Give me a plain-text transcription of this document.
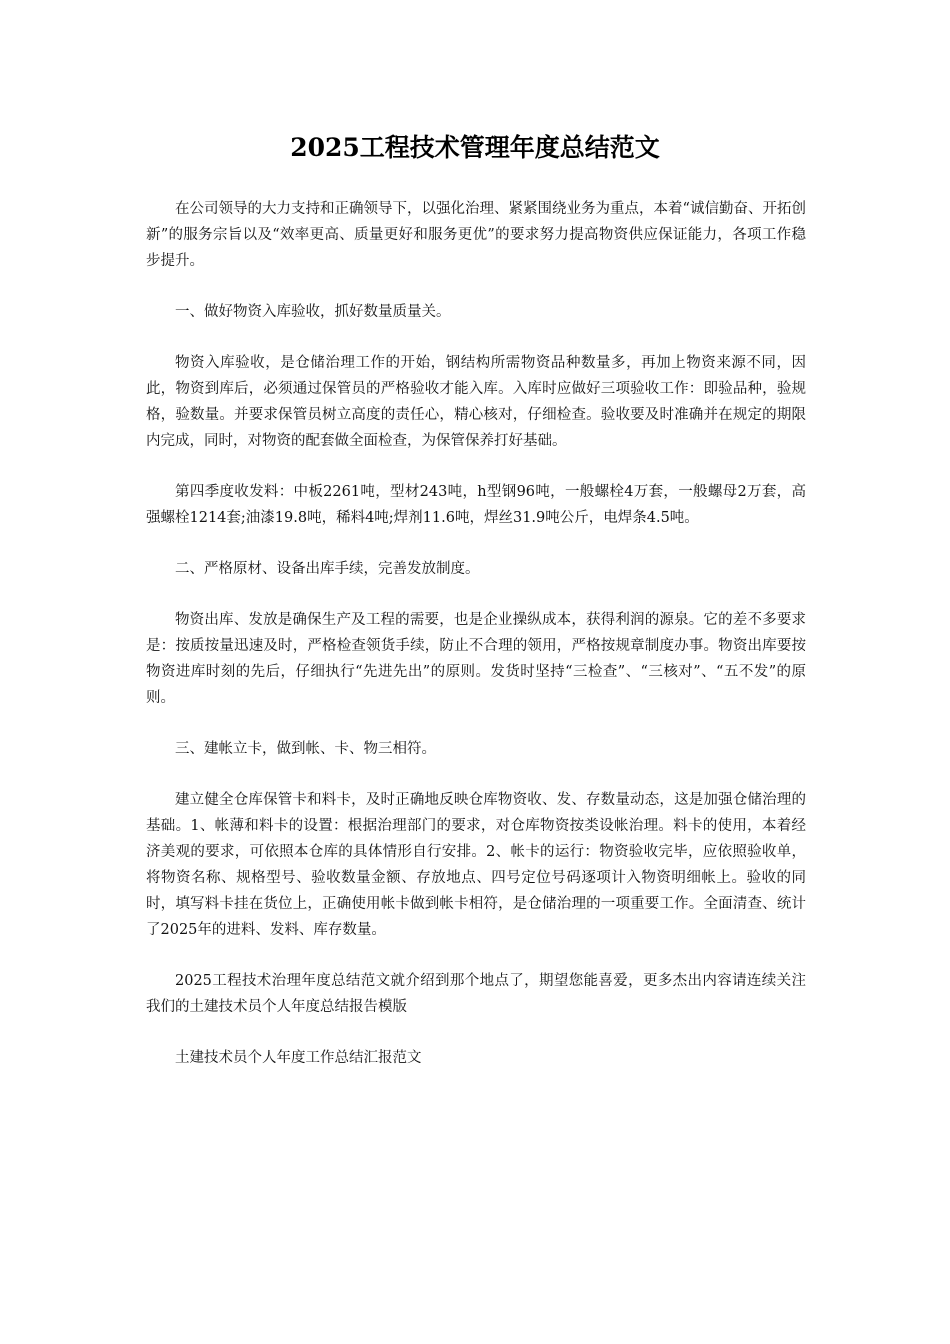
2025工程技术管理年度总结范文

在公司领导的大力支持和正确领导下，以强化治理、紧紧围绕业务为重点，本着“诚信勤奋、开拓创新”的服务宗旨以及“效率更高、质量更好和服务更优”的要求努力提高物资供应保证能力，各项工作稳步提升。

一、做好物资入库验收，抓好数量质量关。

物资入库验收，是仓储治理工作的开始，钢结构所需物资品种数量多，再加上物资来源不同，因此，物资到库后，必须通过保管员的严格验收才能入库。入库时应做好三项验收工作：即验品种，验规格，验数量。并要求保管员树立高度的责任心，精心核对，仔细检查。验收要及时准确并在规定的期限内完成，同时，对物资的配套做全面检查，为保管保养打好基础。

第四季度收发料：中板2261吨，型材243吨，h型钢96吨，一般螺栓4万套，一般螺母2万套，高强螺栓1214套;油漆19.8吨，稀料4吨;焊剂11.6吨，焊丝31.9吨公斤，电焊条4.5吨。

二、严格原材、设备出库手续，完善发放制度。

物资出库、发放是确保生产及工程的需要，也是企业操纵成本，获得利润的源泉。它的差不多要求是：按质按量迅速及时，严格检查领货手续，防止不合理的领用，严格按规章制度办事。物资出库要按物资进库时刻的先后，仔细执行“先进先出”的原则。发货时坚持“三检查”、“三核对”、“五不发”的原则。

三、建帐立卡，做到帐、卡、物三相符。

建立健全仓库保管卡和料卡，及时正确地反映仓库物资收、发、存数量动态，这是加强仓储治理的基础。1、帐薄和料卡的设置：根据治理部门的要求，对仓库物资按类设帐治理。料卡的使用，本着经济美观的要求，可依照本仓库的具体情形自行安排。2、帐卡的运行：物资验收完毕，应依照验收单，将物资名称、规格型号、验收数量金额、存放地点、四号定位号码逐项计入物资明细帐上。验收的同时，填写料卡挂在货位上，正确使用帐卡做到帐卡相符，是仓储治理的一项重要工作。全面清查、统计了2025年的进料、发料、库存数量。

2025工程技术治理年度总结范文就介绍到那个地点了，期望您能喜爱，更多杰出内容请连续关注我们的土建技术员个人年度总结报告模版

土建技术员个人年度工作总结汇报范文
